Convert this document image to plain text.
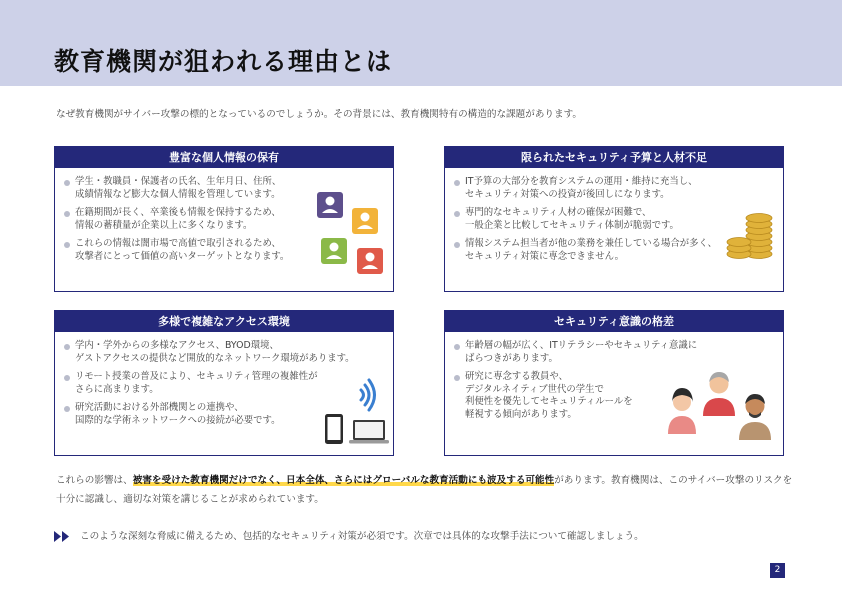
教育機関が狙われる理由とは

なぜ教育機関がサイバー攻撃の標的となっているのでしょうか。その背景には、教育機関特有の構造的な課題があります。

豊富な個人情報の保有
学生・教職員・保護者の氏名、生年月日、住所、
成績情報など膨大な個人情報を管理しています。
在籍期間が長く、卒業後も情報を保持するため、
情報の蓄積量が企業以上に多くなります。
これらの情報は闇市場で高値で取引されるため、
攻撃者にとって価値の高いターゲットとなります。
限られたセキュリティ予算と人材不足
IT予算の大部分を教育システムの運用・維持に充当し、
セキュリティ対策への投資が後回しになります。
専門的なセキュリティ人材の確保が困難で、
一般企業と比較してセキュリティ体制が脆弱です。
情報システム担当者が他の業務を兼任している場合が多く、
セキュリティ対策に専念できません。
多様で複雑なアクセス環境
学内・学外からの多様なアクセス、BYOD環境、
ゲストアクセスの提供など開放的なネットワーク環境があります。
リモート授業の普及により、セキュリティ管理の複雑性が
さらに高まります。
研究活動における外部機関との連携や、
国際的な学術ネットワークへの接続が必要です。
セキュリティ意識の格差
年齢層の幅が広く、ITリテラシーやセキュリティ意識に
ばらつきがあります。
研究に専念する教員や、
デジタルネイティブ世代の学生で
利便性を優先してセキュリティルールを
軽視する傾向があります。

これらの影響は、被害を受けた教育機関だけでなく、日本全体、さらにはグローバルな教育活動にも波及する可能性があります。教育機関は、このサイバー攻撃のリスクを十分に認識し、適切な対策を講じることが求められています。

このような深刻な脅威に備えるため、包括的なセキュリティ対策が必須です。次章では具体的な攻撃手法について確認しましょう。

2
